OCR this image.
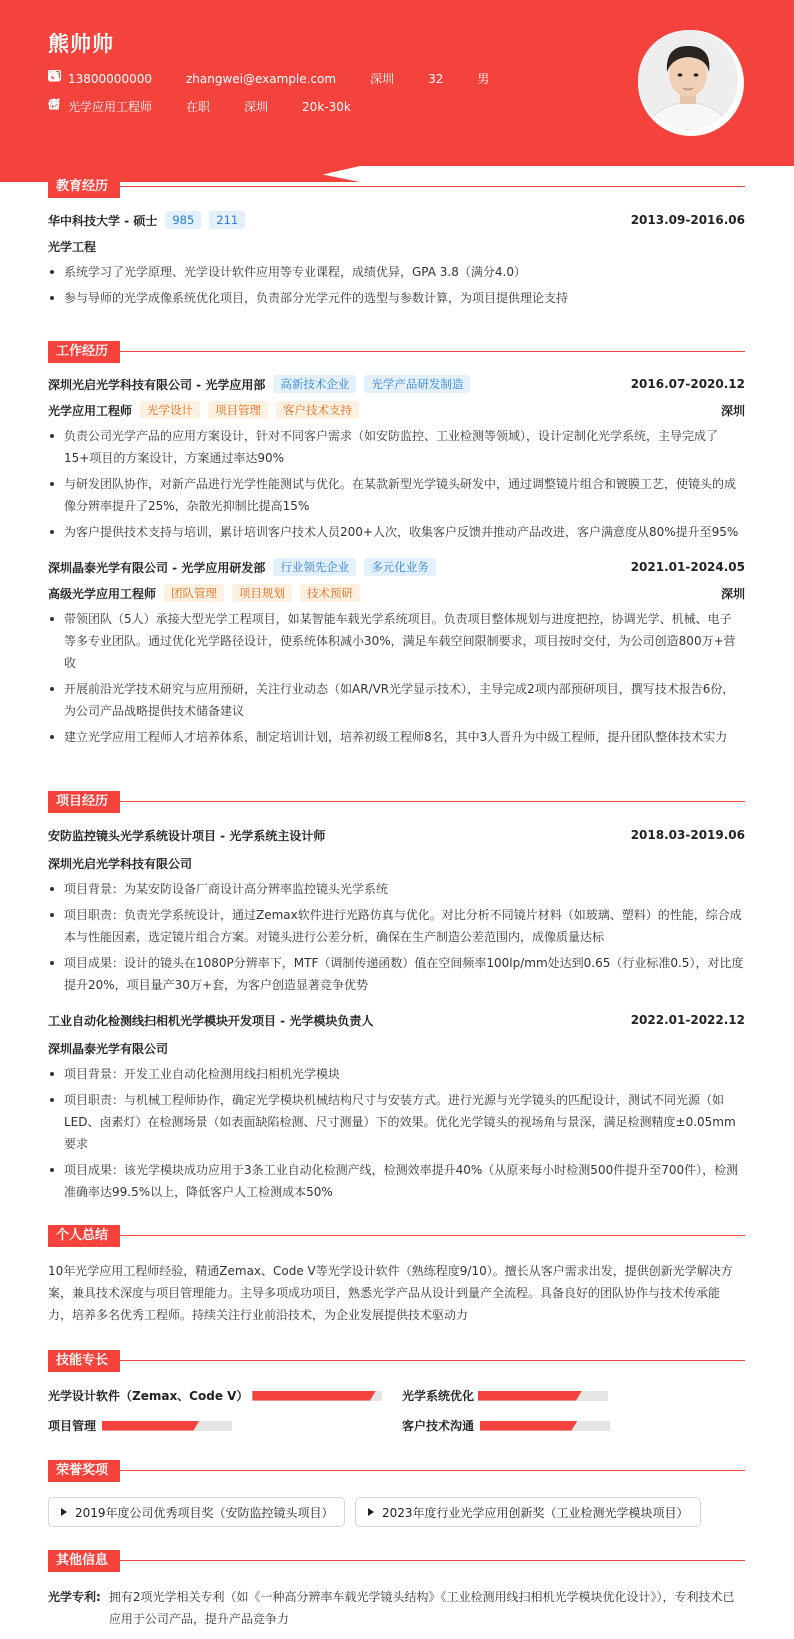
熊帅帅
13800000000	zhangwei@example.com	深圳	32	男
光学应用工程师	在职	深圳	20k-30k
教育经历
华中科技大学 - 硕士	985	211	2013.09-2016.06
光学工程
系统学习了光学原理、光学设计软件应用等专业课程，成绩优异，GPA 3.8（满分4.0）
参与导师的光学成像系统优化项目，负责部分光学元件的选型与参数计算，为项目提供理论支持
工作经历
深圳光启光学科技有限公司 - 光学应用部	高新技术企业	光学产品研发制造	2016.07-2020.12
光学应用工程师	光学设计	项目管理	客户技术支持	深圳
负责公司光学产品的应用方案设计，针对不同客户需求（如安防监控、工业检测等领域），设计定制化光学系统，主导完成了
15+项目的方案设计，方案通过率达90%
与研发团队协作，对新产品进行光学性能测试与优化。在某款新型光学镜头研发中，通过调整镜片组合和镀膜工艺，使镜头的成
像分辨率提升了25%，杂散光抑制比提高15%
为客户提供技术支持与培训，累计培训客户技术人员200+人次，收集客户反馈并推动产品改进，客户满意度从80%提升至95%
深圳晶泰光学有限公司 - 光学应用研发部	行业领先企业	多元化业务	2021.01-2024.05
高级光学应用工程师	团队管理	项目规划	技术预研	深圳
带领团队（5人）承接大型光学工程项目，如某智能车载光学系统项目。负责项目整体规划与进度把控，协调光学、机械、电子
等多专业团队。通过优化光学路径设计，使系统体积减小30%，满足车载空间限制要求，项目按时交付，为公司创造800万+营收
开展前沿光学技术研究与应用预研，关注行业动态（如AR/VR光学显示技术），主导完成2项内部预研项目，撰写技术报告6份，
为公司产品战略提供技术储备建议
建立光学应用工程师人才培养体系，制定培训计划，培养初级工程师8名，其中3人晋升为中级工程师，提升团队整体技术实力
项目经历
安防监控镜头光学系统设计项目 - 光学系统主设计师	2018.03-2019.06
深圳光启光学科技有限公司
项目背景：为某安防设备厂商设计高分辨率监控镜头光学系统
项目职责：负责光学系统设计，通过Zemax软件进行光路仿真与优化。对比分析不同镜片材料（如玻璃、塑料）的性能，综合成
本与性能因素，选定镜片组合方案。对镜头进行公差分析，确保在生产制造公差范围内，成像质量达标
项目成果：设计的镜头在1080P分辨率下，MTF（调制传递函数）值在空间频率100lp/mm处达到0.65（行业标准0.5），对比度
提升20%，项目量产30万+套，为客户创造显著竞争优势
工业自动化检测线扫相机光学模块开发项目 - 光学模块负责人	2022.01-2022.12
深圳晶泰光学有限公司
项目背景：开发工业自动化检测用线扫相机光学模块
项目职责：与机械工程师协作，确定光学模块机械结构尺寸与安装方式。进行光源与光学镜头的匹配设计，测试不同光源（如
LED、卤素灯）在检测场景（如表面缺陷检测、尺寸测量）下的效果。优化光学镜头的视场角与景深，满足检测精度±0.05mm要求
项目成果：该光学模块成功应用于3条工业自动化检测产线，检测效率提升40%（从原来每小时检测500件提升至700件），检测
准确率达99.5%以上，降低客户人工检测成本50%
个人总结
10年光学应用工程师经验，精通Zemax、Code V等光学设计软件（熟练程度9/10）。擅长从客户需求出发，提供创新光学解决方
案，兼具技术深度与项目管理能力。主导多项成功项目，熟悉光学产品从设计到量产全流程。具备良好的团队协作与技术传承能
力，培养多名优秀工程师。持续关注行业前沿技术，为企业发展提供技术驱动力
技能专长
光学设计软件（Zemax、Code V）	光学系统优化
项目管理	客户技术沟通
荣誉奖项
2019年度公司优秀项目奖（安防监控镜头项目）	2023年度行业光学应用创新奖（工业检测光学模块项目）
其他信息
光学专利: 拥有2项光学相关专利（如《一种高分辨率车载光学镜头结构》《工业检测用线扫相机光学模块优化设计》），专利技术已
应用于公司产品，提升产品竞争力
